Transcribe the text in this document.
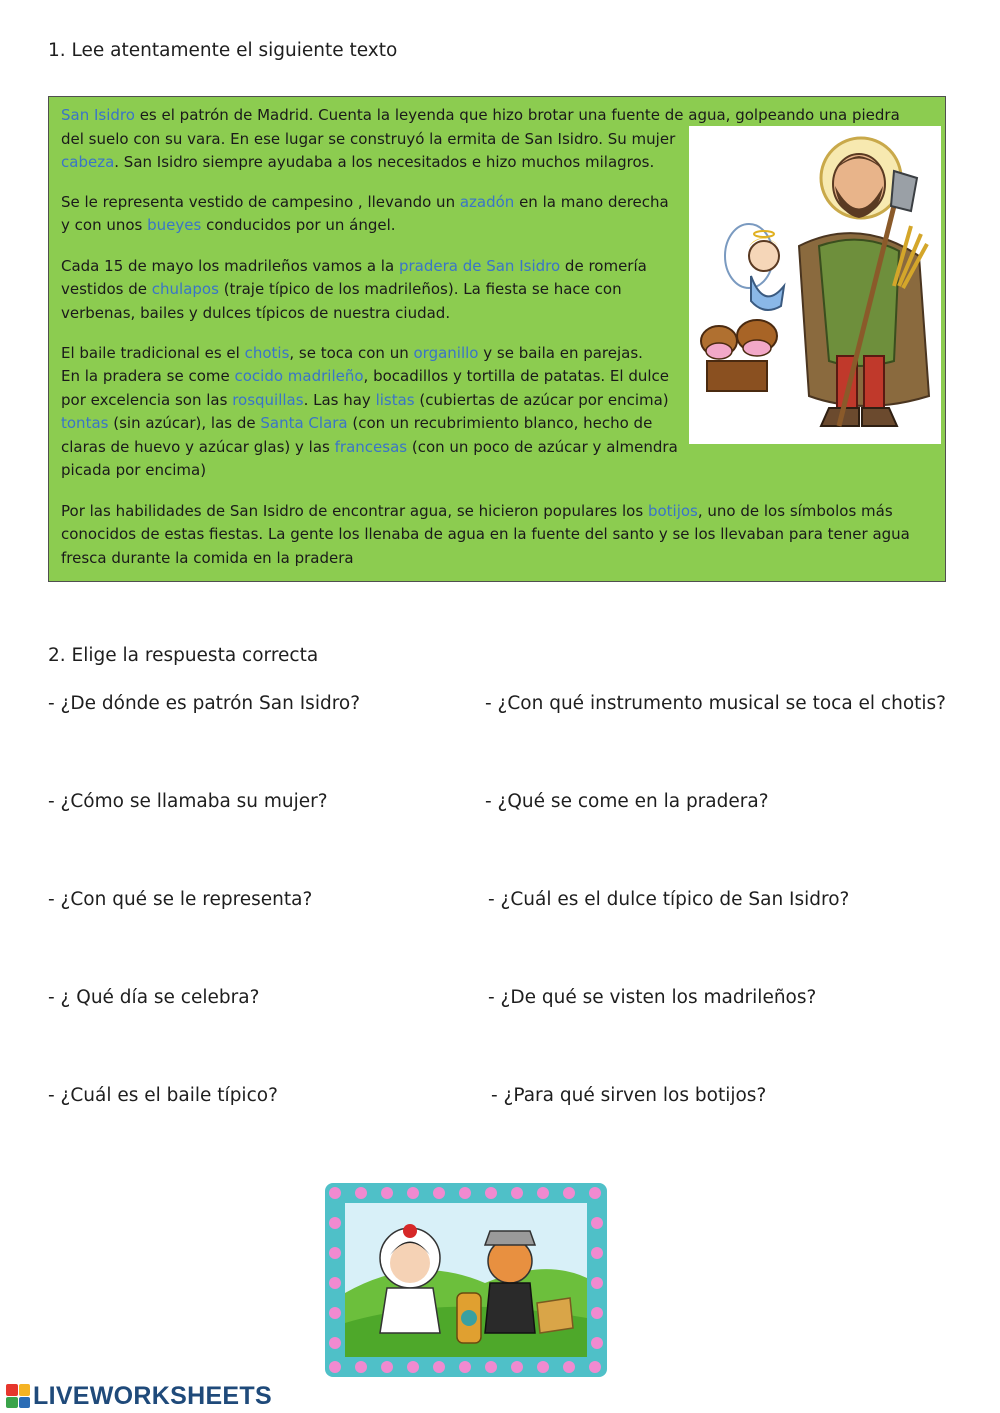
1. Lee atentamente el siguiente texto

San Isidro es el patrón de Madrid. Cuenta la leyenda que hizo brotar una fuente de agua, golpeando una piedra

del suelo con su vara. En ese lugar se construyó la ermita de San Isidro. Su mujer

cabeza. San Isidro siempre ayudaba a los necesitados e hizo muchos milagros.

Se le representa vestido de campesino , llevando un azadón en la mano derecha

y con unos bueyes conducidos por un ángel.

Cada 15 de mayo los madrileños vamos a la pradera de San Isidro de romería

vestidos de chulapos (traje típico de los madrileños). La fiesta se hace con

verbenas, bailes y dulces típicos de nuestra ciudad.

El baile tradicional es el chotis, se toca con un organillo y se baila en parejas.

En la pradera se come cocido madrileño, bocadillos y tortilla de patatas. El dulce

por excelencia son las rosquillas. Las hay listas (cubiertas de azúcar por encima)

tontas (sin azúcar), las de Santa Clara (con un recubrimiento blanco, hecho de

claras de huevo y azúcar glas) y las francesas (con un poco de azúcar y almendra

picada por encima)

Por las habilidades de San Isidro de encontrar agua, se hicieron populares los botijos, uno de los símbolos más

conocidos de estas fiestas. La gente los llenaba de agua en la fuente del santo y se los llevaban para tener agua

fresca durante la comida en la pradera

2. Elige la respuesta correcta
- ¿De dónde es patrón San Isidro?
- ¿Cómo se llamaba su mujer?
- ¿Con qué se le representa?
- ¿ Qué día se celebra?
- ¿Cuál es el baile típico?
- ¿Con qué instrumento musical se toca el chotis?
- ¿Qué se come en la pradera?
- ¿Cuál es el dulce típico de San Isidro?
- ¿De qué se visten los madrileños?
- ¿Para qué sirven los botijos?
LIVEWORKSHEETS
